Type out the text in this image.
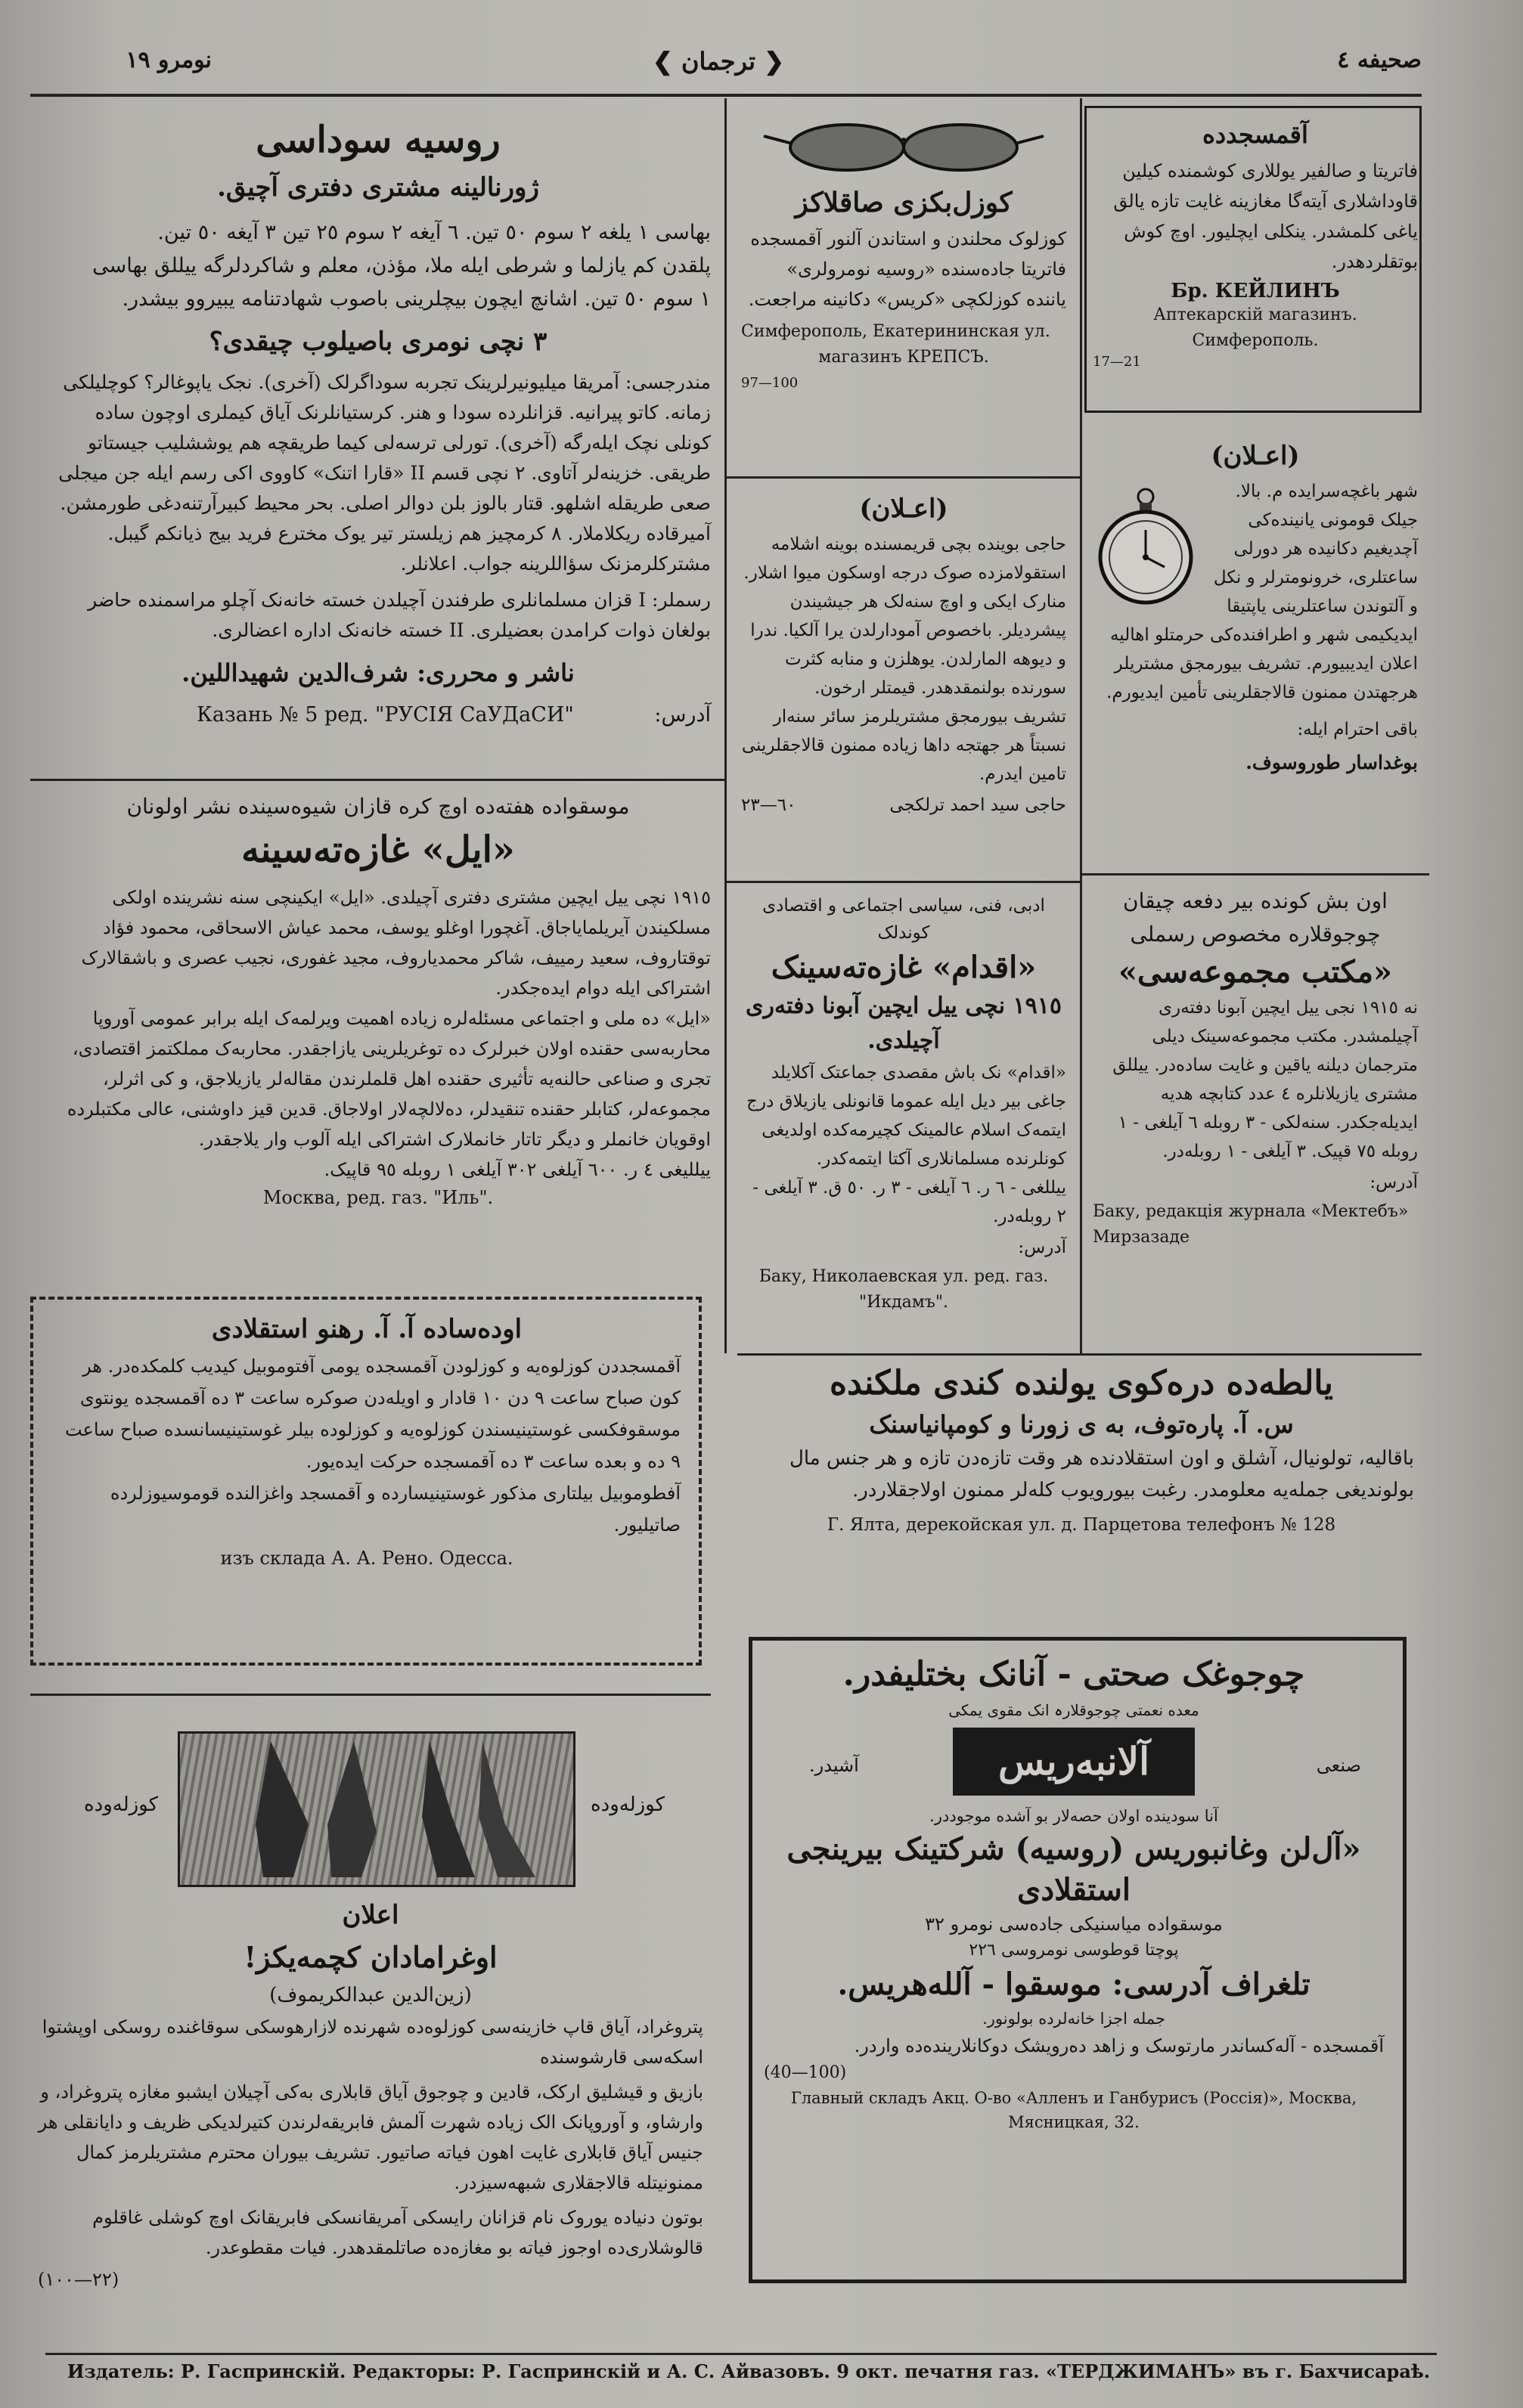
نومرو ١٩	❮ ترجمان ❯	صحیفه ٤
روسیه سوداسی
ژورنالینه مشتری دفتری آچیق.
بهاسی ١ یلغه ٢ سوم ٥٠ تین. ٦ آیغه ٢ سوم ٢٥ تین ٣ آیغه ٥٠ تین.
پلقدن کم یازلما و شرطی ایله ملا، مؤذن، معلم و شاکردلرگه ییللق بهاسی
١ سوم ٥٠ تین. اشانچ ایچون بیچلرینی باصوب شهادتنامه یبیروو بیشدر.
٣ نچی نومری باصیلوب چیقدی؟
مندرجسی: آمریقا میلیونیرلرینک تجربه سوداگرلک (آخری). نجک یاپوغالر؟ کوچلیلکی زمانه. کاتو پیرانیه. قزانلرده سودا و هنر. کرستیانلرنک آیاق کیملری اوچون ساده کونلی نچک ایله‌رگه (آخری). تورلی ترسه‌لی کیما طریقچه هم یوششلیب جیستاتو طریقی. خزینه‌لر آتاوی. ٢ نچی قسم II «قارا اتنک» کاووی اکی رسم ایله جن میجلی صعی طریقله اشلهو. قتار بالوز بلن دوالر اصلی. بحر محیط کبیرآرتنه‌دغی طورمشن. آمیرقاده ریکلاملار. ٨ کرمچیز هم زیلستر تیر یوک مخترع فرید بیج ذیانکم گیبل. مشترکلرمزنک سؤاللرینه جواب. اعلانلر.
رسملر: I قزان مسلمانلری طرفندن آچیلدن خسته خانه‌نک آچلو مراسمنده حاضر بولغان ذوات کرامدن بعضیلری. II خسته خانه‌نک اداره اعضالری.
ناشر و محرری: شرف‌الدین شهیداللین.
آدرس:
Казань № 5 ред. "РУСІЯ СаУДаСИ"
کوزل‌بکزی صاقلاکز
کوزلوک محلندن و استاندن آلنور آقمسجده فاتریتا جاده‌سنده «روسیه نومرولری» یاننده کوزلکچی «کریس» دکانینه مراجعت.
Симферополь, Екатерининская ул.
магазинъ КРЕПСЪ.
97—100
آقمسجدده
فاتریتا و صالفیر یوللاری کوشمنده کیلین قاوداشلاری آیته‌گا مغازینه غایت تازه یالق یاغی کلمشدر. ینکلی ایچلیور. اوچ کوش بوتقلردهدر.
Бр. КЕЙЛИНЪ
Аптекарскій магазинъ. Симферополь.
17—21
(اعـلان)
حاجی بوینده بچی قریمسنده بوینه اشلامه استقولامزده صوک درجه اوسکون میوا اشلار. منارک ایکی و اوچ سنه‌لک هر جیشیندن پیشردیلر. باخصوص آمودارلدن یرا آلکیا. ندرا و دیوهه المارلدن. یوهلزن و منابه کثرت سورنده بولنمقدهدر. قیمتلر ارخون.
تشریف بیورمجق مشتریلرمز سائر سنه‌ار نسبتاً هر جهتجه داها زیاده ممنون قالاجقلرینی تامین ایدرم.
حاجی سید احمد ترلکجی
٦٠—٢٣
(اعـلان)
شهر باغچه‌سرایده م. بالا. جیلک قومونی یانینده‌کی آچدیغیم دکانیده هر دورلی ساعتلری، خرونومترلر و نکل و آلتوندن ساعتلرینی یاپتیقا ایدیکیمی شهر و اطرافنده‌کی حرمتلو اهالیه اعلان ایدیبیورم. تشریف بیورمجق مشتریلر هرجهتدن ممنون قالاجقلرینی تأمین ایدیورم.
باقی احترام ایله:
بوغداسار طوروسوف.
موسقواده هفته‌ده اوچ کره قازان شیوه‌سینده نشر اولونان
«ایل» غازه‌ته‌سینه
١٩١٥ نچی ییل ایچین مشتری دفتری آچیلدی. «ایل» ایکینچی سنه نشرینده اولکی مسلکیندن آیریلمایاجاق. آغچورا اوغلو یوسف، محمد عیاش الاسحاقی، محمود فؤاد توقتاروف، سعید رمییف، شاکر محمدیاروف، مجید غفوری، نجیب عصری و باشقالارک اشتراکی ایله دوام ایده‌جکدر.
«ایل» ده ملی و اجتماعی مسئله‌لره زیاده اهمیت ویرلمه‌ک ایله برابر عمومی آوروپا محاربه‌سی حقنده اولان خبرلرک ده توغریلرینی یازاجقدر. محاربه‌ک مملکتمز اقتصادی، تجری و صناعی حالنه‌یه تأثیری حقنده اهل قلملرندن مقاله‌لر یازیلاجق، و کی اثرلر، مجموعه‌لر، کتابلر حقنده تنقیدلر، ده‌لالچه‌لار اولاجاق. قدین قیز داوشنی، عالی مکتبلرده اوقویان خانملر و دیگر تاتار خانملارک اشتراکی ایله آلوب وار یلاجقدر.
ییللیغی ٤ ر. ٦٠٠ آیلغی ٣٠٢ آیلغی ١ روبله ٩٥ قاپیک.
Москва, ред. газ. "Иль".
ادبی، فنی، سیاسی اجتماعی و اقتصادی کوندلک
«اقدام» غازه‌ته‌سینک
١٩١٥ نچی ییل ایچین آبونا دفته‌ری آچیلدی.
«اقدام» نک باش مقصدی جماعتک آکلایلد جاغی بیر دیل ایله عموما قانونلی یازیلاق درج ایتمه‌ک اسلام عالمینک کچیرمه‌کده اولدیغی کونلرنده مسلمانلاری آکتا ایتمه‌کدر.
ییللغی - ٦ ر. ٦ آیلغی - ٣ ر. ٥٠ ق. ٣ آیلغی - ٢ روبله‌در.
آدرس:
Баку, Николаевская ул. ред. газ. "Икдамъ".
اون بش کونده بیر دفعه چیقان
چوجوقلاره مخصوص رسملی
«مکتب مجموعه‌سی»
نه ١٩١٥ نجی ییل ایچین آبونا دفته‌ری آچیلمشدر. مکتب مجموعه‌سینک دیلی مترجمان دیلنه یاقین و غایت ساده‌در. ییللق مشتری یازیلانلره ٤ عدد کتابچه هدیه ایدیله‌جکدر. سنه‌لکی - ٣ روبله ٦ آیلغی - ١ روبله ٧٥ قپیک. ٣ آیلغی - ١ روبله‌در.
آدرس:
Баку, редакція журнала «Мектебъ» Мирзазаде
اوده‌ساده آ. آ. رهنو استقلادی
آقمسجددن کوزلوه‌یه و کوزلودن آقمسجده یومی آفتوموبیل کیدیب کلمکده‌در. هر کون صباح ساعت ٩ دن ١٠ قادار و اویله‌دن صوکره ساعت ٣ ده آقمسجده یونتوی موسقوفکسی غوستینیسندن کوزلوه‌یه و کوزلوده بیلر غوستینیسانسده صباح ساعت ٩ ده و بعده ساعت ٣ ده آقمسجده حرکت ایده‌یور.
آفطوموبیل بیلتاری مذکور غوستینیسارده و آقمسجد واغزالنده قوموسیوزلرده صاتیلیور.
изъ склада А. А. Рено. Одесса.
یالطه‌ده دره‌کوی یولنده کندی ملکنده
س. آ. پاره‌توف، به ی زورنا و کومپانیاسنک
باقالیه، تولونیال، آشلق و اون استقلادنده هر وقت تازه‌دن تازه و هر جنس مال بولوندیغی جمله‌یه معلومدر. رغبت بیورویوب کله‌لر ممنون اولاجقلاردر.
Г. Ялта, дерекойская ул. д. Парцетова телефонъ № 128
چوجوغک صحتی - آنانک بختلیفدر.
معده نعمتی چوجوقلارہ انک مقوی یمکی
صنعی
آلانبه‌ریس
آشیدر.
آنا سودینده اولان حصه‌لار بو آشده موجوددر.
«آل‌لن وغانبوریس (روسیه) شرکتینک بیرینجی استقلادی
موسقواده میاسنیکی جاده‌سی نومرو ٣٢
پوچتا قوطوسی نومروسی ٢٢٦
تلغراف آدرسی: موسقوا - آلله‌هریس.
جمله اجزا خانه‌لرده بولونور.
آقمسجده - آله‌کساندر مارتوسک و زاهد ده‌رویشک دوکانلارینده‌ده واردر.
(40—100)
Главный складъ Акц. О-во «Алленъ и Ганбурисъ (Россія)», Москва, Мясницкая, 32.
کوزله‌وده	کوزله‌وده
اعلان
اوغرامادان کچمه‌یکز!
(زین‌الدین عبدالکریموف)
پتروغراد، آیاق قاپ خازینه‌سی کوزلوه‌ده شهرنده لازارهوسکی سوقاغنده روسکی اوپشتوا اسکه‌سی قارشوسنده
بازیق و قیشلیق ارکک، قادین و چوجوق آیاق قابلاری به‌کی آچیلان ایشبو مغازه پتروغراد، و وارشاو، و آوروپانک الک زیاده شهرت آلمش فابریقه‌لرندن کتیرلدیکی ظریف و دایانقلی هر جنیس آیاق قابلاری غایت اهون فیاته صاتیور. تشریف بیوران محترم مشتریلرمز کمال ممنونیتله قالاجقلاری شبهه‌سیزدر.
بوتون دنیاده یوروک نام قزانان رایسکی آمریقانسکی فابریقانک اوچ کوشلی غاقلوم قالوشلاری‌ده اوجوز فیاته بو مغازه‌ده صاتلمقدهدر. فیات مقطوعدر.
(٢٢—١٠٠)
Издатель: Р. Гаспринскій. Редакторы: Р. Гаспринскій и А. С. Айвазовъ. 9 окт. печатня газ. «ТЕРДЖИМАНЪ» въ г. Бахчисараѣ.
